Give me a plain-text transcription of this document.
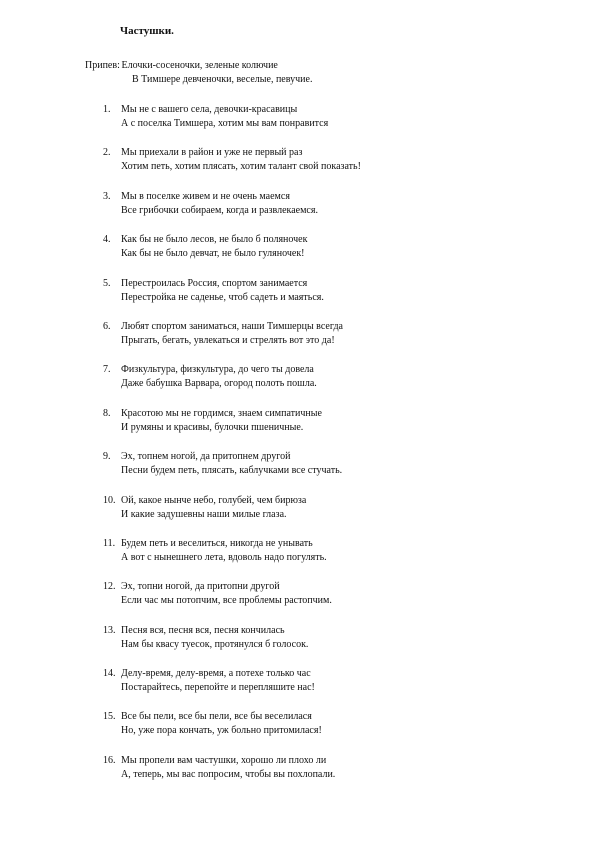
Частушки.
Припев: Елочки-сосеночки, зеленые колючие
В Тимшере девченочки, веселые, певучие.
1.	Мы не с вашего села, девочки-красавицы
А с поселка Тимшера, хотим мы вам понравится
2.	Мы приехали в район и уже не первый раз
Хотим петь, хотим плясать, хотим талант свой показать!
3.	Мы в поселке живем и не очень маемся
Все грибочки собираем, когда и развлекаемся.
4.	Как бы не было лесов, не было б поляночек
Как бы не было девчат, не было гуляночек!
5.	Перестроилась Россия, спортом занимается
Перестройка не саденье, чтоб садеть и маяться.
6.	Любят спортом заниматься, наши Тимшерцы всегда
Прыгать, бегать, увлекаться и стрелять вот это да!
7.	Физкультура, физкультура, до чего ты довела
Даже бабушка Варвара, огород полоть пошла.
8.	Красотою мы не гордимся, знаем симпатичные
И румяны и красивы, булочки пшеничные.
9.	Эх, топнем ногой, да притопнем другой
Песни будем петь, плясать, каблучками все стучать.
10. Ой, какое нынче небо, голубей, чем бирюза
И какие задушевны наши милые глаза.
11. Будем петь и веселиться, никогда не унывать
А вот с нынешнего лета, вдоволь надо погулять.
12. Эх, топни ногой, да притопни другой
Если час мы потопчим, все проблемы растопчим.
13. Песня вся, песня вся, песня кончилась
Нам бы квасу туесок, протянулся б голосок.
14. Делу-время, делу-время, а потехе только час
Постарайтесь, перепойте и перепляшите нас!
15. Все бы пели, все бы пели, все бы веселилася
Но, уже пора кончать, уж больно притомилася!
16. Мы пропели вам частушки, хорошо ли плохо ли
А, теперь, мы вас попросим, чтобы вы похлопали.
